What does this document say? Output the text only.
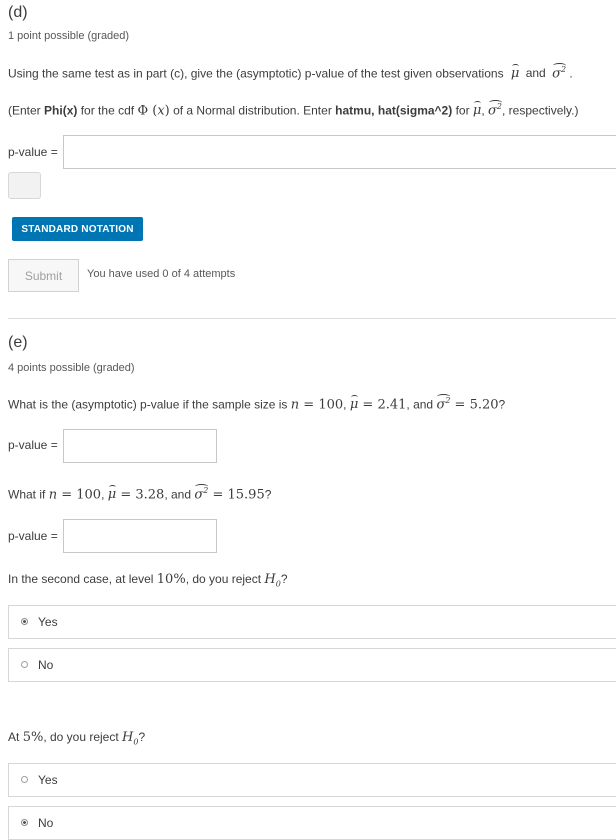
(d)
1 point possible (graded)
Using the same test as in part (c), give the (asymptotic) p-value of the test given observations μ and $\sigma^2$ .
(Enter Phi(x) for the cdf Φ (x) of a Normal distribution. Enter hatmu, hat(sigma^2) for μ, $\sigma^2$, respectively.)
p-value =
STANDARD NOTATION
Submit	You have used 0 of 4 attempts
(e)
4 points possible (graded)
What is the (asymptotic) p-value if the sample size is n = 100, μ = 2.41, and $\sigma^2 = 5.20$?
p-value =
What if n = 100, μ = 3.28, and $\sigma^2 = 15.95$?
p-value =
In the second case, at level 10%, do you reject $H_0$?
Yes
No
At 5%, do you reject $H_0$?
Yes
No
